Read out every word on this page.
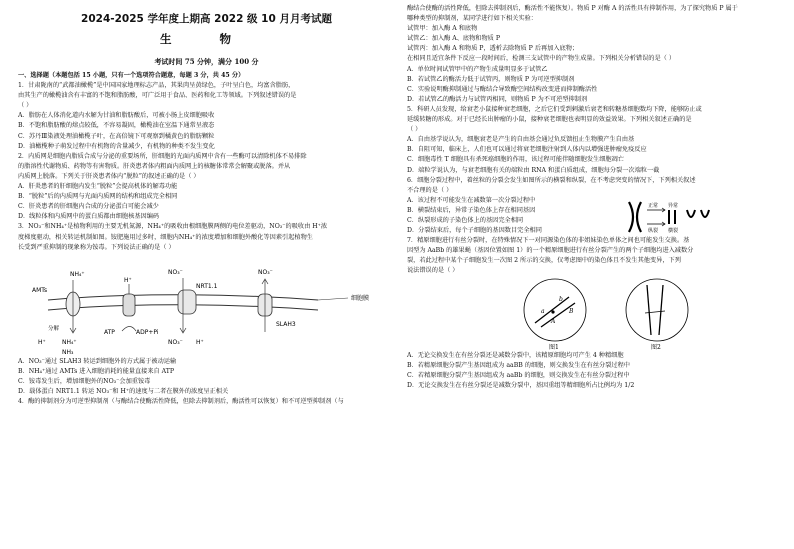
2024-2025 学年度上期高 2022 级 10 月月考试题
生 物
考试时间 75 分钟，满分 100 分
一、选择题（本题包括 15 小题，只有一个选项符合题意，每题 3 分，共 45 分）

1．甘肃陇南的“武都油橄榄”是中国国家地理标志产品，其果肉呈黄绿色，子叶呈白色，均富含脂肪，

由其生产的橄榄油含有丰富的不饱和脂肪酸，可广泛用于食品、医药和化工等领域。下列叙述错误的是

（ ）

A．脂肪在人体消化道内水解为甘油和脂肪酸后，可被小肠上皮细胞吸收

B．不饱和脂肪酸的熔点较低，不容易凝固，橄榄油在室温下通常呈液态

C．苏丹Ⅲ染液处理油橄榄子叶，在高倍镜下可观察到橘黄色的脂肪颗粒

D．油橄榄种子萌发过程中有机物的含量减少，有机物的种类不发生变化

2．内质网是细胞内脂质合成与分泌的重要场所，肝细胞的光面内质网中含有一些酶可以清除机体不易排除

的脂溶性代谢物质、药物等有害物质。肝炎患者体内粗面内质网上的核糖体常常会解聚或脱落。并从

内质网上脱落。下列关于肝炎患者体内“脱粒”的叙述正确的是（ ）

A．肝炎患者的肝细胞内发生“脱粒”会提高机体的解毒功能

B．“脱粒”后的内质网与光面内质网的结构和组成完全相同

C．肝炎患者的肝细胞内合成的分泌蛋白可能会减少

D．线粒体和内质网中的蛋白质都由细胞核基因编码

3．NO₃⁻和NH₄⁺是植物利用的主要无机氮源，NH₄⁺的吸收由根细胞膜两侧的电位差驱动，NO₃⁻的吸收由 H⁺浓

度梯度驱动，相关转运机制如图。铵肥施用过多时，细胞内NH₄⁺的浓度增加和细胞外酸化等因素引起植物生

长受到严重抑制的现象称为铵毒。下列说法正确的是（ ）

细胞膜
AMTs
NH₄⁺
NH₄⁺
分解
NH₃
H⁺
ATP	ADP+Pi
H⁺
NRT1.1
NO₃⁻
NO₃⁻ H⁺
SLAH3
NO₃⁻

A．NO₃⁻通过 SLAH3 转运到细胞外的方式属于被动运输

B．NH₄⁺通过 AMTs 进入细胞消耗的能量直接来自 ATP

C．铵毒发生后，增加细胞外的NO₃⁻会加重铵毒

D．载体蛋白 NRT1.1 转运 NO₃⁻和 H⁺的速度与二者在膜外的浓度呈正相关

4．酶的抑制剂分为可逆型抑制剂（与酶结合使酶活性降低，但除去抑制剂后，酶活性可以恢复）和不可逆型抑制剂（与

酶结合使酶的活性降低，但除去抑制剂后，酶活性不能恢复）。物质 P 对酶 A 的活性具有抑制作用，为了探究物质 P 属于

哪种类型的抑制剂，某同学进行如下相关实验：

试管甲：加入酶 A 和底物

试管乙：加入酶 A、底物和物质 P

试管丙：加入酶 A 和物质 P，透析去除物质 P 后再加入底物；

在相同且适宜条件下反应一段时间后，检测三支试管中的产物生成量。下列相关分析错误的是（ ）

A．单位时间试管甲中的产物生成量明显多于试管乙

B．若试管乙的酶活力低于试管丙，则物质 P 为可逆型抑制剂

C．实验说明酶抑制通过与酶结合导致酶空间结构改变进而抑制酶活性

D．若试管乙的酶活力与试管丙相同，则物质 P 为不可逆型抑制剂

5．科研人员发现，给衰老小鼠接种衰老细胞，之后它们受到刺激后衰老和转糖基细胞数均下降，能够防止或

延缓转糖的形成。对于已经长出肿瘤的小鼠，接种衰老细胞也表明显的效益效果。下列相关叙述正确的是

（ ）

A．自由基学说认为，细胞衰老是产生的自由基会通过负反馈扭止生物膜产生自由基

B．自阻可知，临床上，人们也可以通过将衰老细胞注射到人体内以增强进肿瘤免疫反应

C．细胞毒性 T 细胞具有杀死癌细胞的作用，该过程可能伴随细胞发生细胞凋亡

D．端粒学说认为，与衰老细胞有关的端粒由 RNA 和蛋白质组成，细胞每分裂一次端粒一截

6．细胞分裂过程中，着丝粒的分裂会发生如图所示的横裂和纵裂，在不考虑突变的情况下，下列相关叙述

不合理的是（ ）

A．该过程不可能发生在减数第一次分裂过程中

B．横裂结束后，异常子染色体上存在相同基因

C．纵裂形成的子染色体上的基因完全相同

D．分裂结束后，每个子细胞的基因数目完全相同

正常
纵裂
异常
横裂

7．精原细胞进行有丝分裂时，在特殊情况下一对同源染色体的非姐妹染色单体之间也可能发生交换。基

因型为 AaBb 的雄果蝇（基因位置如图 1）的一个精原细胞进行有丝分裂产生的两个子细胞均进入减数分

裂，若此过程中某个子细胞发生一次图 2 所示的交换，仅考虑图中的染色体且不发生其他变异，下列

说法错误的是（ ）

a
b
A
B
图1	图2

A．无论交换发生在有丝分裂还是减数分裂中，该精原细胞均可产生 4 种精细胞

B．若精原细胞分裂产生基因组成为 aaBB 的细胞，则交换发生在有丝分裂过程中

C．若精原细胞分裂产生基因组成为 aaBb 的细胞，则交换发生在有丝分裂过程中

D．无论交换发生在有丝分裂还是减数分裂中，基因重组等精细胞所占比例均为 1/2
